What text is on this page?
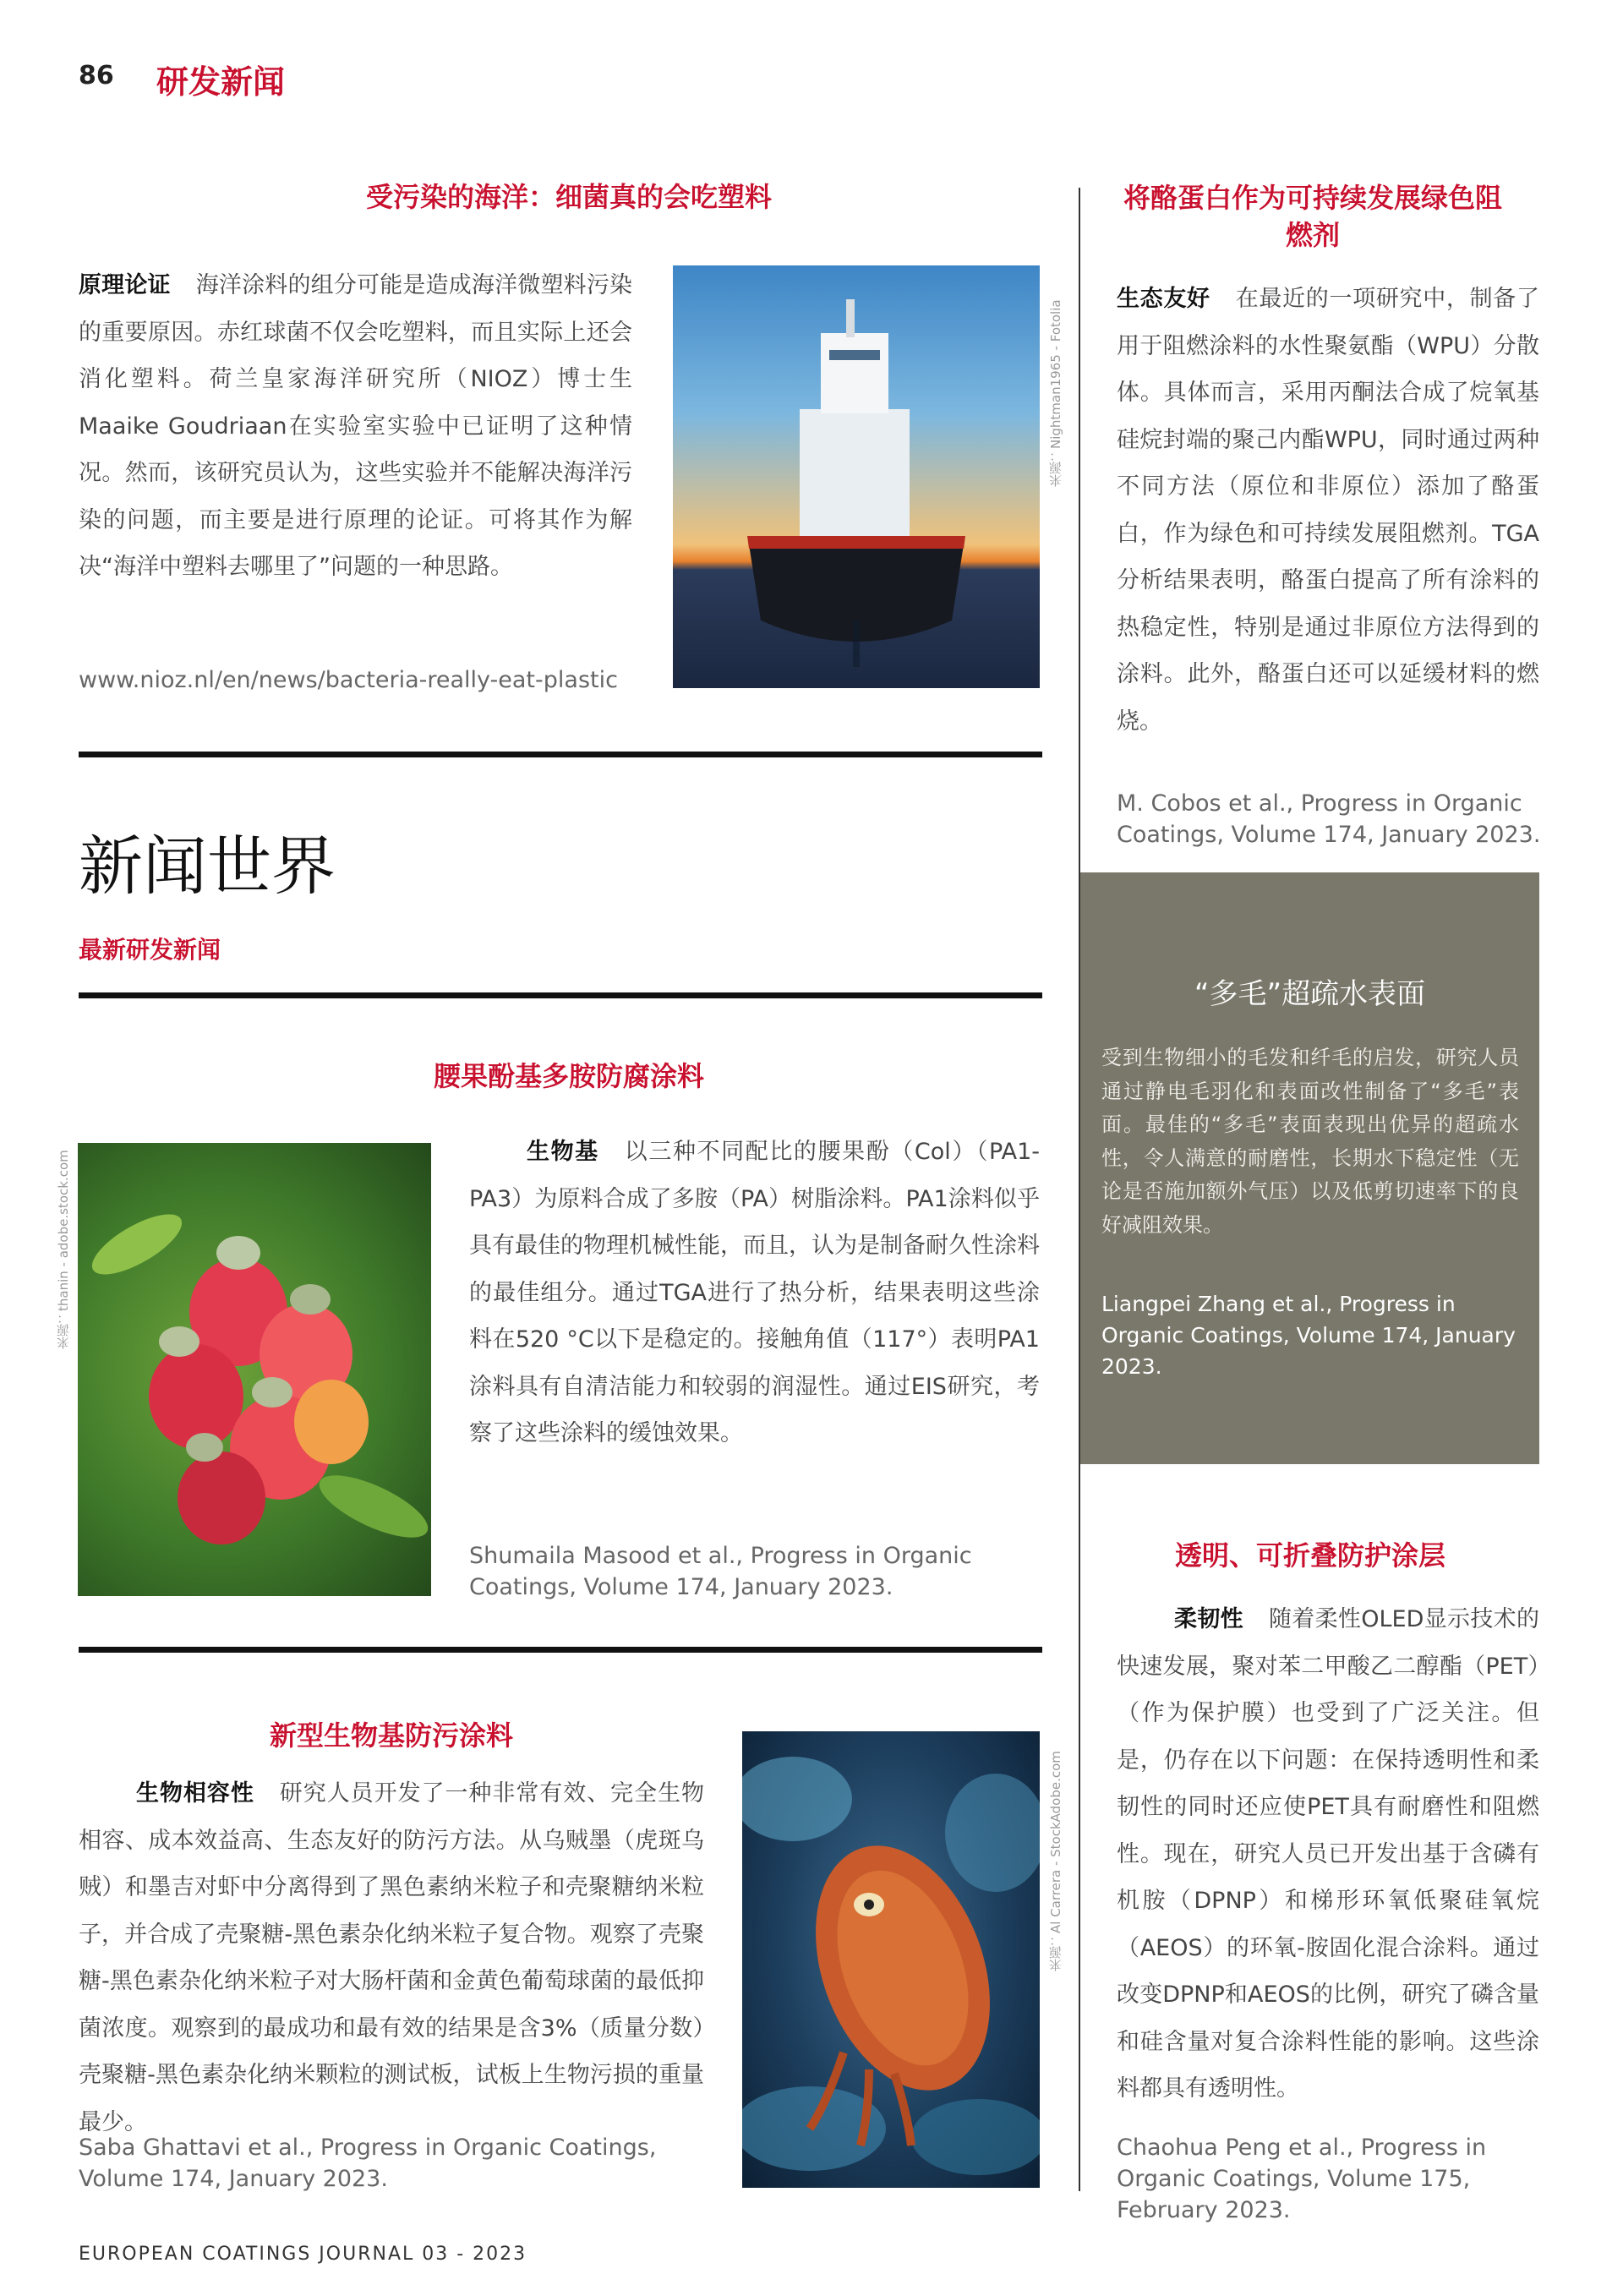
86 研发新闻
受污染的海洋：细菌真的会吃塑料
原理论证 海洋涂料的组分可能是造成海洋微塑料污染的重要原因。赤红球菌不仅会吃塑料，而且实际上还会消化塑料。荷兰皇家海洋研究所（NIOZ）博士生Maaike Goudriaan在实验室实验中已证明了这种情况。然而，该研究员认为，这些实验并不能解决海洋污染的问题，而主要是进行原理的论证。可将其作为解决“海洋中塑料去哪里了”问题的一种思路。
www.nioz.nl/en/news/bacteria-really-eat-plastic
来源：Nightman1965 - Fotolia
新闻世界
最新研发新闻
将酪蛋白作为可持续发展绿色阻燃剂
生态友好 在最近的一项研究中，制备了用于阻燃涂料的水性聚氨酯（WPU）分散体。具体而言，采用丙酮法合成了烷氧基硅烷封端的聚己内酯WPU，同时通过两种不同方法（原位和非原位）添加了酪蛋白，作为绿色和可持续发展阻燃剂。TGA分析结果表明，酪蛋白提高了所有涂料的热稳定性，特别是通过非原位方法得到的涂料。此外，酪蛋白还可以延缓材料的燃烧。
M. Cobos et al., Progress in Organic Coatings, Volume 174, January 2023.
“多毛”超疏水表面
受到生物细小的毛发和纤毛的启发，研究人员通过静电毛羽化和表面改性制备了“多毛”表面。最佳的“多毛”表面表现出优异的超疏水性，令人满意的耐磨性，长期水下稳定性（无论是否施加额外气压）以及低剪切速率下的良好减阻效果。
Liangpei Zhang et al., Progress in Organic Coatings, Volume 174, January 2023.
腰果酚基多胺防腐涂料
来源：thanin - adobe.stock.com	生物基 以三种不同配比的腰果酚（Col）（PA1-PA3）为原料合成了多胺（PA）树脂涂料。PA1涂料似乎具有最佳的物理机械性能，而且，认为是制备耐久性涂料的最佳组分。通过TGA进行了热分析，结果表明这些涂料在520 °C以下是稳定的。接触角值（117°）表明PA1涂料具有自清洁能力和较弱的润湿性。通过EIS研究，考察了这些涂料的缓蚀效果。
Shumaila Masood et al., Progress in Organic Coatings, Volume 174, January 2023.
透明、可折叠防护涂层
柔韧性 随着柔性OLED显示技术的快速发展，聚对苯二甲酸乙二醇酯（PET）（作为保护膜）也受到了广泛关注。但是，仍存在以下问题：在保持透明性和柔韧性的同时还应使PET具有耐磨性和阻燃性。现在，研究人员已开发出基于含磷有机胺（DPNP）和梯形环氧低聚硅氧烷（AEOS）的环氧-胺固化混合涂料。通过改变DPNP和AEOS的比例，研究了磷含量和硅含量对复合涂料性能的影响。这些涂料都具有透明性。
Chaohua Peng et al., Progress in Organic Coatings, Volume 175, February 2023.
新型生物基防污涂料
生物相容性 研究人员开发了一种非常有效、完全生物相容、成本效益高、生态友好的防污方法。从乌贼墨（虎斑乌贼）和墨吉对虾中分离得到了黑色素纳米粒子和壳聚糖纳米粒子，并合成了壳聚糖-黑色素杂化纳米粒子复合物。观察了壳聚糖-黑色素杂化纳米粒子对大肠杆菌和金黄色葡萄球菌的最低抑菌浓度。观察到的最成功和最有效的结果是含3%（质量分数）壳聚糖-黑色素杂化纳米颗粒的测试板，试板上生物污损的重量最少。
Saba Ghattavi et al., Progress in Organic Coatings, Volume 174, January 2023.
来源：Al Carrera - StockAdobe.com
EUROPEAN COATINGS JOURNAL 03 - 2023
